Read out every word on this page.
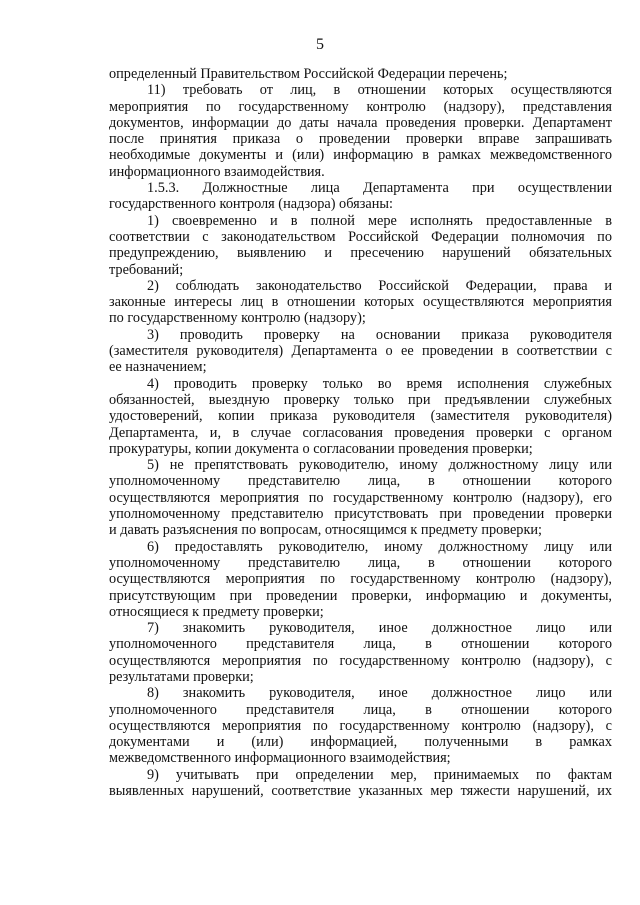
5
определенный Правительством Российской Федерации перечень;
11) требовать от лиц, в отношении которых осуществляются
мероприятия по государственному контролю (надзору), представления
документов, информации до даты начала проведения проверки. Департамент
после принятия приказа о проведении проверки вправе запрашивать
необходимые документы и (или) информацию в рамках межведомственного
информационного взаимодействия.
1.5.3. Должностные лица Департамента при осуществлении
государственного контроля (надзора) обязаны:
1) своевременно и в полной мере исполнять предоставленные в
соответствии с законодательством Российской Федерации полномочия по
предупреждению, выявлению и пресечению нарушений обязательных
требований;
2) соблюдать законодательство Российской Федерации, права и
законные интересы лиц в отношении которых осуществляются мероприятия
по государственному контролю (надзору);
3) проводить проверку на основании приказа руководителя
(заместителя руководителя) Департамента о ее проведении в соответствии с
ее назначением;
4) проводить проверку только во время исполнения служебных
обязанностей, выездную проверку только при предъявлении служебных
удостоверений, копии приказа руководителя (заместителя руководителя)
Департамента, и, в случае согласования проведения проверки с органом
прокуратуры, копии документа о согласовании проведения проверки;
5) не препятствовать руководителю, иному должностному лицу или
уполномоченному представителю лица, в отношении которого
осуществляются мероприятия по государственному контролю (надзору), его
уполномоченному представителю присутствовать при проведении проверки
и давать разъяснения по вопросам, относящимся к предмету проверки;
6) предоставлять руководителю, иному должностному лицу или
уполномоченному представителю лица, в отношении которого
осуществляются мероприятия по государственному контролю (надзору),
присутствующим при проведении проверки, информацию и документы,
относящиеся к предмету проверки;
7) знакомить руководителя, иное должностное лицо или
уполномоченного представителя лица, в отношении которого
осуществляются мероприятия по государственному контролю (надзору), с
результатами проверки;
8) знакомить руководителя, иное должностное лицо или
уполномоченного представителя лица, в отношении которого
осуществляются мероприятия по государственному контролю (надзору), с
документами и (или) информацией, полученными в рамках
межведомственного информационного взаимодействия;
9) учитывать при определении мер, принимаемых по фактам
выявленных нарушений, соответствие указанных мер тяжести нарушений, их
